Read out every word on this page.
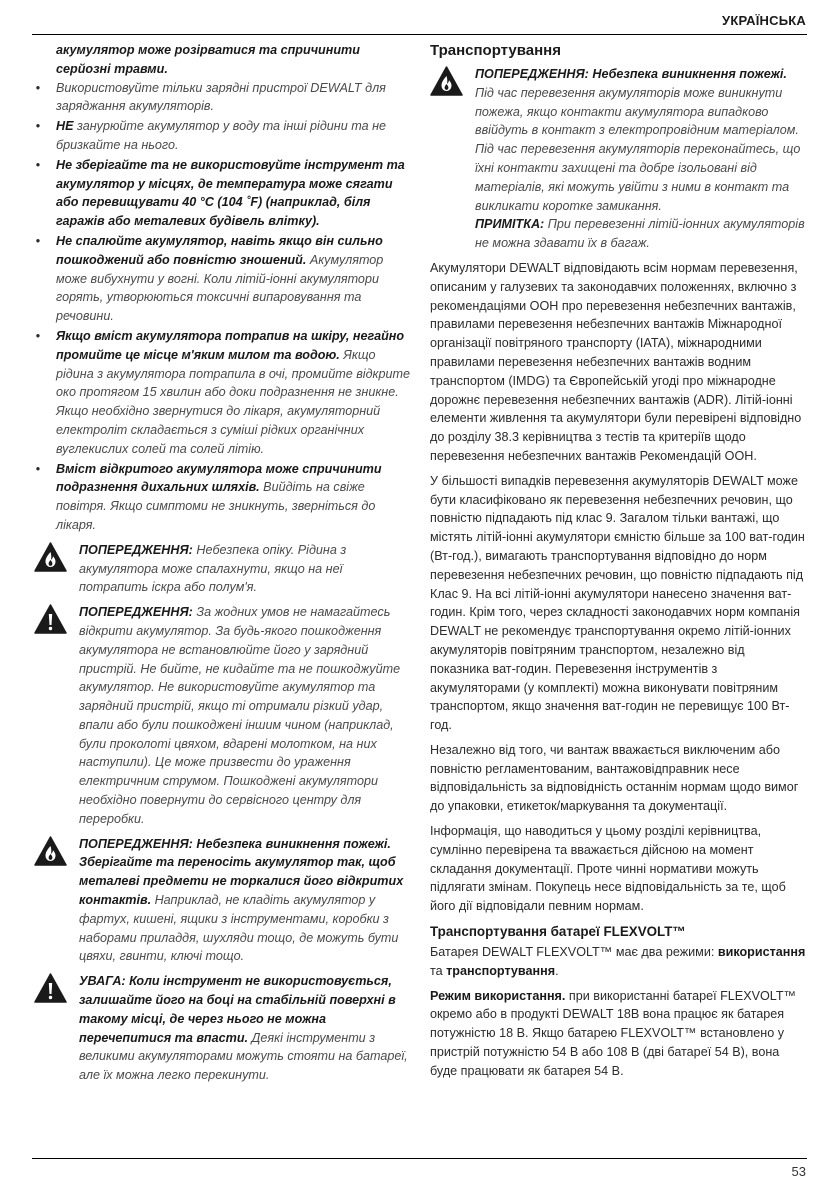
УКРАЇНСЬКА

акумулятор може розірватися та спричинити серйозні травми.

• Використовуйте тільки зарядні пристрої DEWALT для заряджання акумуляторів.
• НЕ занурюйте акумулятор у воду та інші рідини та не бризкайте на нього.
• Не зберігайте та не використовуйте інструмент та акумулятор у місцях, де температура може сягати або перевищувати 40 °C (104 ˚F) (наприклад, біля гаражів або металевих будівель влітку).
• Не спалюйте акумулятор, навіть якщо він сильно пошкоджений або повністю зношений. Акумулятор може вибухнути у вогні. Коли літій-іонні акумулятори горять, утворюються токсичні випаровування та речовини.
• Якщо вміст акумулятора потрапив на шкіру, негайно промийте це місце м'яким милом та водою. Якщо рідина з акумулятора потрапила в очі, промийте відкрите око протягом 15 хвилин або доки подразнення не зникне. Якщо необхідно звернутися до лікаря, акумуляторний електроліт складається з суміші рідких органічних вуглекислих солей та солей літію.
• Вміст відкритого акумулятора може спричинити подразнення дихальних шляхів. Вийдіть на свіже повітря. Якщо симптоми не зникнуть, зверніться до лікаря.
ПОПЕРЕДЖЕННЯ: Небезпека опіку. Рідина з акумулятора може спалахнути, якщо на неї потрапить іскра або полум'я.
ПОПЕРЕДЖЕННЯ: За жодних умов не намагайтесь відкрити акумулятор. За будь-якого пошкодження акумулятора не встановлюйте його у зарядний пристрій. Не бийте, не кидайте та не пошкоджуйте акумулятор. Не використовуйте акумулятор та зарядний пристрій, якщо ті отримали різкий удар, впали або були пошкоджені іншим чином (наприклад, були проколоті цвяхом, вдарені молотком, на них наступили). Це може призвести до ураження електричним струмом. Пошкоджені акумулятори необхідно повернути до сервісного центру для переробки.
ПОПЕРЕДЖЕННЯ: Небезпека виникнення пожежі. Зберігайте та переносіть акумулятор так, щоб металеві предмети не торкалися його відкритих контактів. Наприклад, не кладіть акумулятор у фартух, кишені, ящики з інструментами, коробки з наборами приладдя, шухляди тощо, де можуть бути цвяхи, гвинти, ключі тощо.
УВАГА: Коли інструмент не використовується, залишайте його на боці на стабільній поверхні в такому місці, де через нього не можна перечепитися та впасти. Деякі інструменти з великими акумуляторами можуть стояти на батареї, але їх можна легко перекинути.

Транспортування

ПОПЕРЕДЖЕННЯ: Небезпека виникнення пожежі. Під час перевезення акумуляторів може виникнути пожежа, якщо контакти акумулятора випадково ввійдуть в контакт з електропровідним матеріалом. Під час перевезення акумуляторів переконайтесь, що їхні контакти захищені та добре ізольовані від матеріалів, які можуть увійти з ними в контакт та викликати коротке замикання.
ПРИМІТКА: При перевезенні літій-іонних акумуляторів не можна здавати їх в багаж.

Акумулятори DEWALT відповідають всім нормам перевезення, описаним у галузевих та законодавчих положеннях, включно з рекомендаціями ООН про перевезення небезпечних вантажів, правилами перевезення небезпечних вантажів Міжнародної організації повітряного транспорту (IATA), міжнародними правилами перевезення небезпечних вантажів водним транспортом (IMDG) та Європейській угоді про міжнародне дорожнє перевезення небезпечних вантажів (ADR). Літій-іонні елементи живлення та акумулятори були перевірені відповідно до розділу 38.3 керівництва з тестів та критеріїв щодо перевезення небезпечних вантажів Рекомендацій ООН.

У більшості випадків перевезення акумуляторів DEWALT може бути класифіковано як перевезення небезпечних речовин, що повністю підпадають під клас 9. Загалом тільки вантажі, що містять літій-іонні акумулятори ємністю більше за 100 ват-годин (Вт-год.), вимагають транспортування відповідно до норм перевезення небезпечних речовин, що повністю підпадають під Клас 9. На всі літій-іонні акумулятори нанесено значення ват-годин. Крім того, через складності законодавчих норм компанія DEWALT не рекомендує транспортування окремо літій-іонних акумуляторів повітряним транспортом, незалежно від показника ват-годин. Перевезення інструментів з акумуляторами (у комплекті) можна виконувати повітряним транспортом, якщо значення ват-годин не перевищує 100 Вт-год.

Незалежно від того, чи вантаж вважається виключеним або повністю регламентованим, вантажовідправник несе відповідальність за відповідність останнім нормам щодо вимог до упаковки, етикеток/маркування та документації.

Інформація, що наводиться у цьому розділі керівництва, сумлінно перевірена та вважається дійсною на момент складання документації. Проте чинні нормативи можуть підлягати змінам. Покупець несе відповідальність за те, щоб його дії відповідали певним нормам.

Транспортування батареї FLEXVOLT™

Батарея DEWALT FLEXVOLT™ має два режими: використання та транспортування.

Режим використання. при використанні батареї FLEXVOLT™ окремо або в продукті DEWALT 18В вона працює як батарея потужністю 18 В. Якщо батарею FLEXVOLT™ встановлено у пристрій потужністю 54 В або 108 В (дві батареї 54 В), вона буде працювати як батарея 54 В.

53
